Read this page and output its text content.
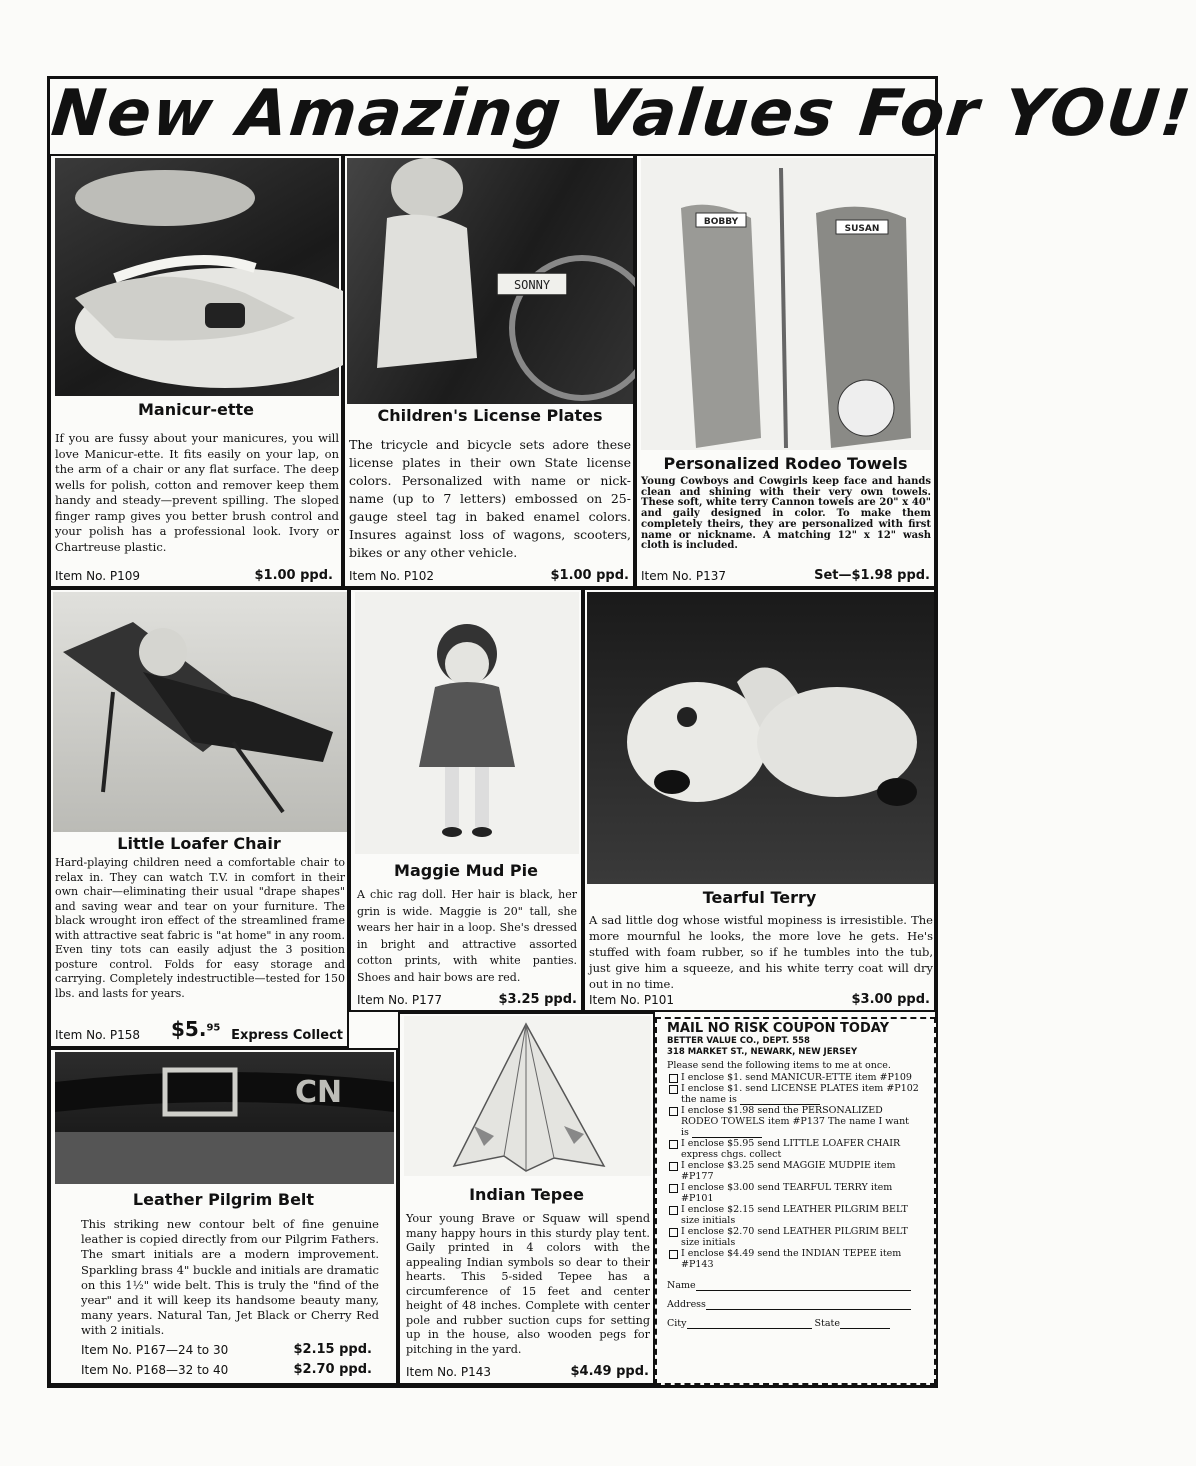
New Amazing Values For YOU!
Manicur-ette
If you are fussy about your manicures, you will love Manicur-ette. It fits easily on your lap, on the arm of a chair or any flat surface. The deep wells for polish, cotton and remover keep them handy and steady—prevent spilling. The sloped finger ramp gives you better brush control and your polish has a professional look. Ivory or Chartreuse plastic.
Item No. P109	$1.00 ppd.
SONNY
Children's License Plates
The tricycle and bicycle sets adore these license plates in their own State license colors. Personalized with name or nick-name (up to 7 letters) embossed on 25-gauge steel tag in baked enamel colors. Insures against loss of wagons, scooters, bikes or any other vehicle.
Item No. P102	$1.00 ppd.
BOBBY
SUSAN
Personalized Rodeo Towels
Young Cowboys and Cowgirls keep face and hands clean and shining with their very own towels. These soft, white terry Cannon towels are 20" x 40" and gaily designed in color. To make them completely theirs, they are personalized with first name or nickname. A matching 12" x 12" wash cloth is included.
Item No. P137	Set—$1.98 ppd.
Little Loafer Chair
Hard-playing children need a comfortable chair to relax in. They can watch T.V. in comfort in their own chair—eliminating their usual "drape shapes" and saving wear and tear on your furniture. The black wrought iron effect of the streamlined frame with attractive seat fabric is "at home" in any room. Even tiny tots can easily adjust the 3 position posture control. Folds for easy storage and carrying. Completely indestructible—tested for 150 lbs. and lasts for years.
Item No. P158 $5.95 Express Collect
Maggie Mud Pie
A chic rag doll. Her hair is black, her grin is wide. Maggie is 20" tall, she wears her hair in a loop. She's dressed in bright and attractive assorted cotton prints, with white panties. Shoes and hair bows are red.
Item No. P177	$3.25 ppd.
Tearful Terry
A sad little dog whose wistful mopiness is irresistible. The more mournful he looks, the more love he gets. He's stuffed with foam rubber, so if he tumbles into the tub, just give him a squeeze, and his white terry coat will dry out in no time.
Item No. P101	$3.00 ppd.
CN
Leather Pilgrim Belt
This striking new contour belt of fine genuine leather is copied directly from our Pilgrim Fathers. The smart initials are a modern improvement. Sparkling brass 4" buckle and initials are dramatic on this 1½" wide belt. This is truly the "find of the year" and it will keep its handsome beauty many, many years. Natural Tan, Jet Black or Cherry Red with 2 initials.
Item No. P167—24 to 30	$2.15 ppd.
Item No. P168—32 to 40	$2.70 ppd.
Indian Tepee
Your young Brave or Squaw will spend many happy hours in this sturdy play tent. Gaily printed in 4 colors with the appealing Indian symbols so dear to their hearts. This 5-sided Tepee has a circumference of 15 feet and center height of 48 inches. Complete with center pole and rubber suction cups for setting up in the house, also wooden pegs for pitching in the yard.
Item No. P143	$4.49 ppd.
MAIL NO RISK COUPON TODAY
BETTER VALUE CO., DEPT. 558
318 MARKET ST., NEWARK, NEW JERSEY
Please send the following items to me at once.
I enclose $1. send MANICUR-ETTE item #P109
I enclose $1. send LICENSE PLATES item #P102 the name is
I enclose $1.98 send the PERSONALIZED RODEO TOWELS item #P137 The name I want is
I enclose $5.95 send LITTLE LOAFER CHAIR express chgs. collect
I enclose $3.25 send MAGGIE MUDPIE item #P177
I enclose $3.00 send TEARFUL TERRY item #P101
I enclose $2.15 send LEATHER PILGRIM BELT size initials
I enclose $2.70 send LEATHER PILGRIM BELT size initials
I enclose $4.49 send the INDIAN TEPEE item #P143
Name
Address
City	State
